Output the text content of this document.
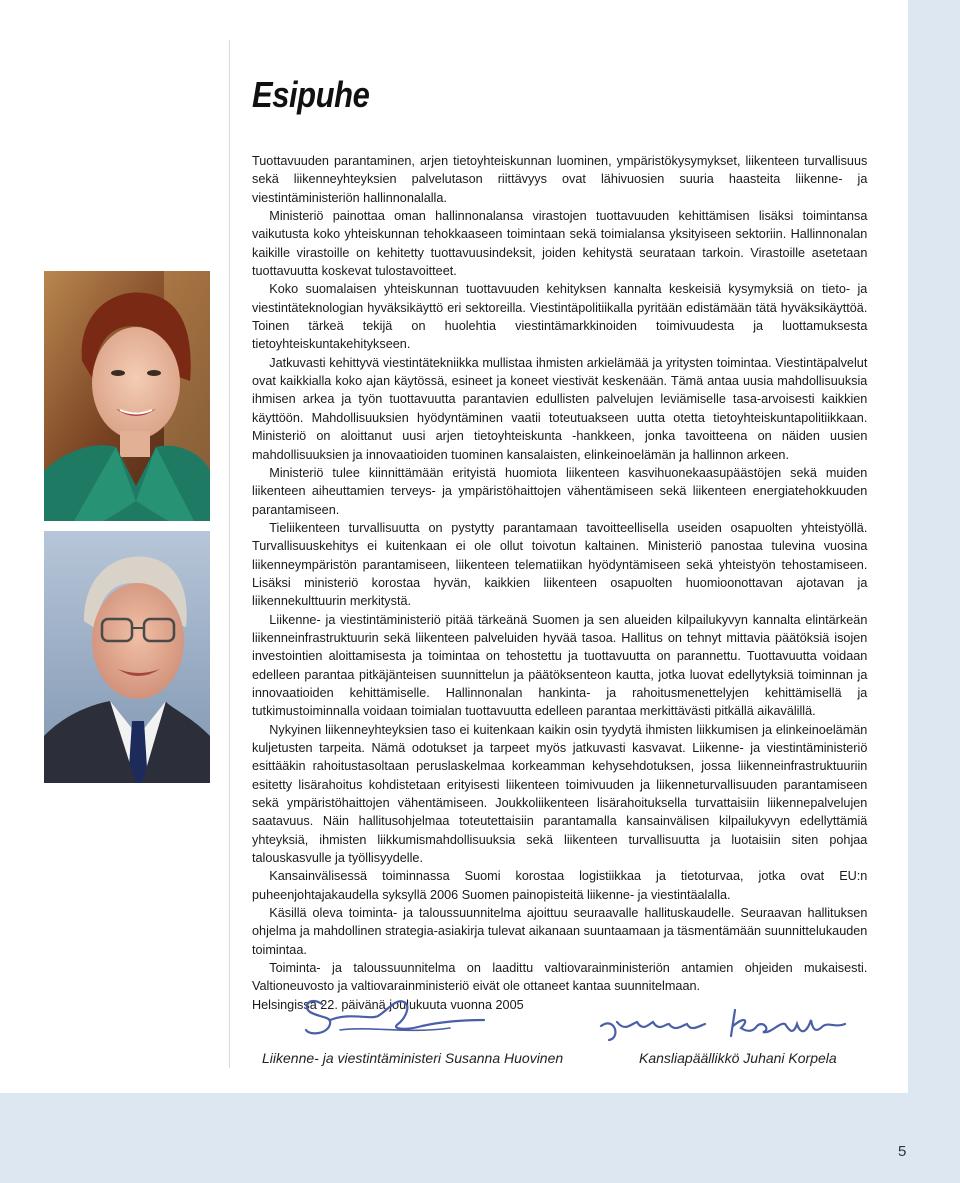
Esipuhe

Tuottavuuden parantaminen, arjen tietoyhteiskunnan luominen, ympäristökysymykset, liikenteen turvallisuus sekä liikenneyhteyksien palvelutason riittävyys ovat lähivuosien suuria haasteita liikenne- ja viestintäministeriön hallinnonalalla.

Ministeriö painottaa oman hallinnonalansa virastojen tuottavuuden kehittämisen lisäksi toimintansa vaikutusta koko yhteiskunnan tehokkaaseen toimintaan sekä toimialansa yksityiseen sektoriin. Hallinnonalan kaikille virastoille on kehitetty tuottavuusindeksit, joiden kehitystä seurataan tarkoin. Virastoille asetetaan tuottavuutta koskevat tulostavoitteet.

Koko suomalaisen yhteiskunnan tuottavuuden kehityksen kannalta keskeisiä kysymyksiä on tieto- ja viestintäteknologian hyväksikäyttö eri sektoreilla. Viestintäpolitiikalla pyritään edistämään tätä hyväksikäyttöä. Toinen tärkeä tekijä on huolehtia viestintämarkkinoiden toimivuudesta ja luottamuksesta tietoyhteiskuntakehitykseen.

Jatkuvasti kehittyvä viestintätekniikka mullistaa ihmisten arkielämää ja yritysten toimintaa. Viestintäpalvelut ovat kaikkialla koko ajan käytössä, esineet ja koneet viestivät keskenään. Tämä antaa uusia mahdollisuuksia ihmisen arkea ja työn tuottavuutta parantavien edullisten palvelujen leviämiselle tasa-arvoisesti kaikkien käyttöön. Mahdollisuuksien hyödyntäminen vaatii toteutuakseen uutta otetta tietoyhteiskuntapolitiikkaan. Ministeriö on aloittanut uusi arjen tietoyhteiskunta -hankkeen, jonka tavoitteena on näiden uusien mahdollisuuksien ja innovaatioiden tuominen kansalaisten, elinkeinoelämän ja hallinnon arkeen.

Ministeriö tulee kiinnittämään erityistä huomiota liikenteen kasvihuonekaasupäästöjen sekä muiden liikenteen aiheuttamien terveys- ja ympäristöhaittojen vähentämiseen sekä liikenteen energiatehokkuuden parantamiseen.

Tieliikenteen turvallisuutta on pystytty parantamaan tavoitteellisella useiden osapuolten yhteistyöllä. Turvallisuuskehitys ei kuitenkaan ei ole ollut toivotun kaltainen. Ministeriö panostaa tulevina vuosina liikenneympäristön parantamiseen, liikenteen telematiikan hyödyntämiseen sekä yhteistyön tehostamiseen. Lisäksi ministeriö korostaa hyvän, kaikkien liikenteen osapuolten huomioonottavan ajotavan ja liikennekulttuurin merkitystä.

Liikenne- ja viestintäministeriö pitää tärkeänä Suomen ja sen alueiden kilpailukyvyn kannalta elintärkeän liikenneinfrastruktuurin sekä liikenteen palveluiden hyvää tasoa. Hallitus on tehnyt mittavia päätöksiä isojen investointien aloittamisesta ja toimintaa on tehostettu ja tuottavuutta on parannettu. Tuottavuutta voidaan edelleen parantaa pitkäjänteisen suunnittelun ja päätöksenteon kautta, jotka luovat edellytyksiä toiminnan ja innovaatioiden kehittämiselle. Hallinnonalan hankinta- ja rahoitusmenettelyjen kehittämisellä ja tutkimustoiminnalla voidaan toimialan tuottavuutta edelleen parantaa merkittävästi pitkällä aikavälillä.

Nykyinen liikenneyhteyksien taso ei kuitenkaan kaikin osin tyydytä ihmisten liikkumisen ja elinkeinoelämän kuljetusten tarpeita. Nämä odotukset ja tarpeet myös jatkuvasti kasvavat. Liikenne- ja viestintäministeriö esittääkin rahoitustasoltaan peruslaskelmaa korkeamman kehysehdotuksen, jossa liikenneinfrastruktuuriin esitetty lisärahoitus kohdistetaan erityisesti liikenteen toimivuuden ja liikenneturvallisuuden parantamiseen sekä ympäristöhaittojen vähentämiseen. Joukkoliikenteen lisärahoituksella turvattaisiin liikennepalvelujen saatavuus. Näin hallitusohjelmaa toteutettaisiin parantamalla kansainvälisen kilpailukyvyn edellyttämiä yhteyksiä, ihmisten liikkumismahdollisuuksia sekä liikenteen turvallisuutta ja luotaisiin siten pohjaa talouskasvulle ja työllisyydelle.

Kansainvälisessä toiminnassa Suomi korostaa logistiikkaa ja tietoturvaa, jotka ovat EU:n puheenjohtajakaudella syksyllä 2006 Suomen painopisteitä liikenne- ja viestintäalalla.

Käsillä oleva toiminta- ja taloussuunnitelma ajoittuu seuraavalle hallituskaudelle. Seuraavan hallituksen ohjelma ja mahdollinen strategia-asiakirja tulevat aikanaan suuntaamaan ja täsmentämään suunnittelukauden toimintaa.

Toiminta- ja taloussuunnitelma on laadittu valtiovarainministeriön antamien ohjeiden mukaisesti. Valtioneuvosto ja valtiovarainministeriö eivät ole ottaneet kantaa suunnitelmaan.

Helsingissä 22. päivänä joulukuuta vuonna 2005

Liikenne- ja viestintäministeri Susanna Huovinen	Kansliapäällikkö Juhani Korpela

5
